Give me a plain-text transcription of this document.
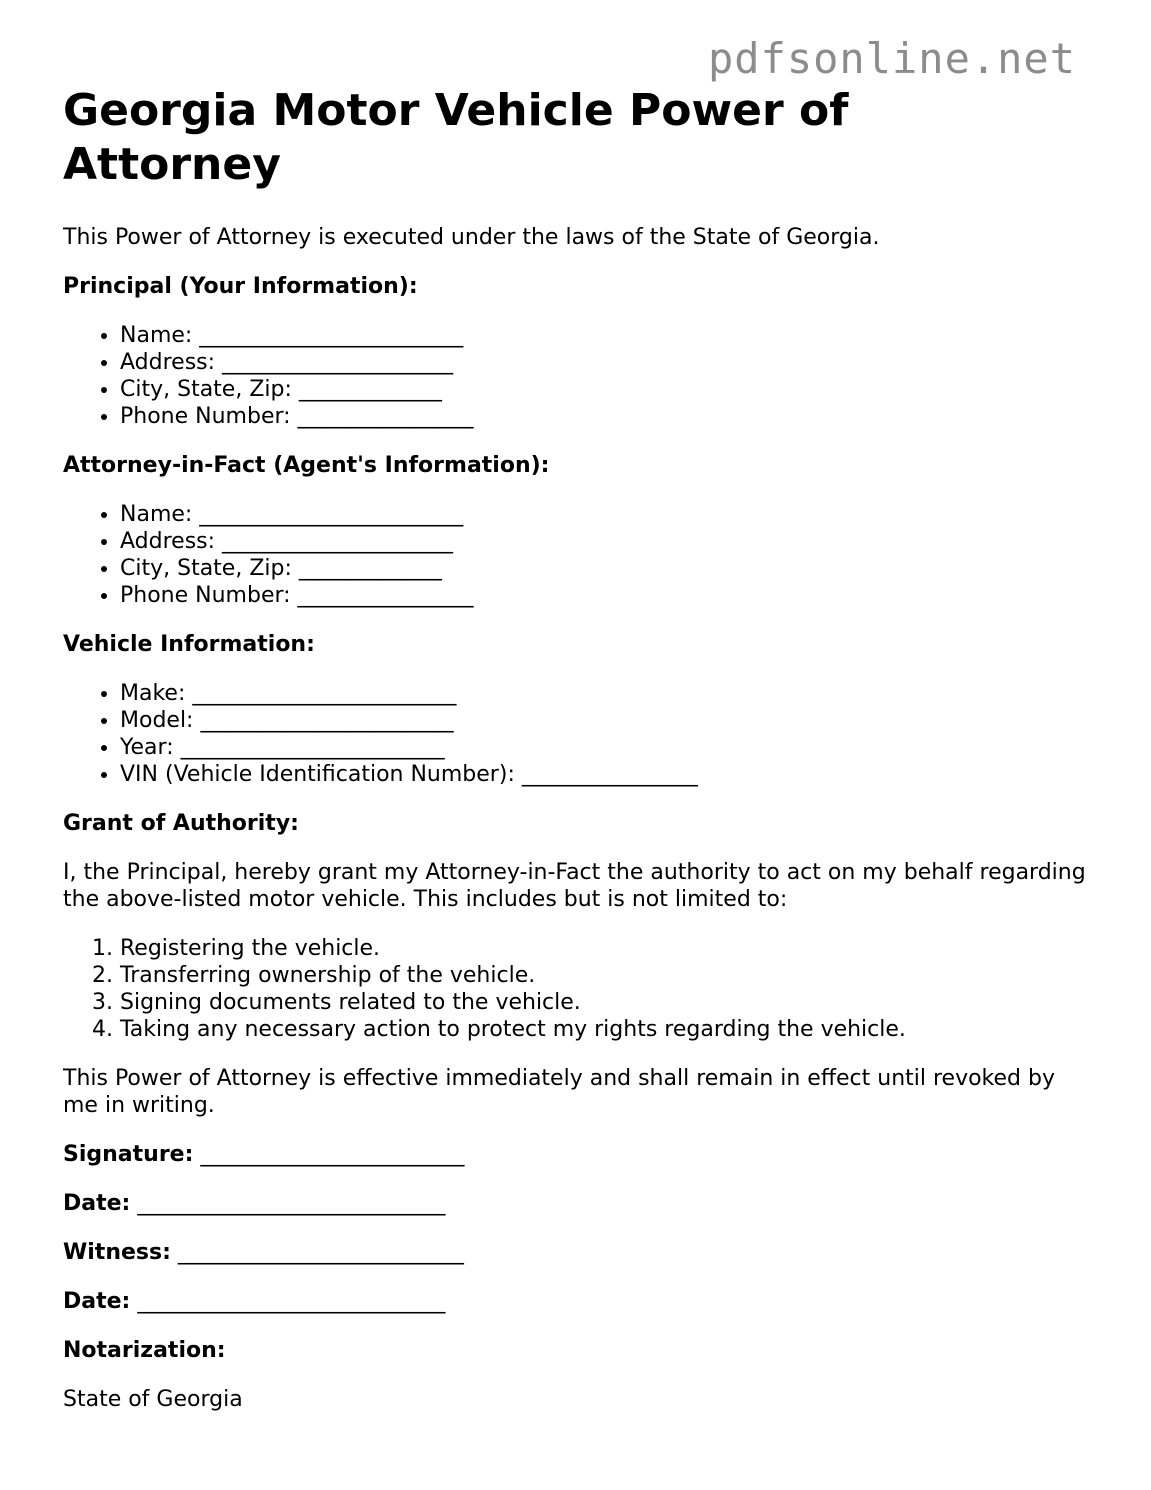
pdfsonline.net
Georgia Motor Vehicle Power of Attorney

This Power of Attorney is executed under the laws of the State of Georgia.

Principal (Your Information):

• Name: ________________________
• Address: _____________________
• City, State, Zip: _____________
• Phone Number: ________________

Attorney-in-Fact (Agent's Information):

• Name: ________________________
• Address: _____________________
• City, State, Zip: _____________
• Phone Number: ________________

Vehicle Information:

• Make: ________________________
• Model: _______________________
• Year: ________________________
• VIN (Vehicle Identification Number): ________________

Grant of Authority:

I, the Principal, hereby grant my Attorney-in-Fact the authority to act on my behalf regarding the above-listed motor vehicle. This includes but is not limited to:

1. Registering the vehicle.
2. Transferring ownership of the vehicle.
3. Signing documents related to the vehicle.
4. Taking any necessary action to protect my rights regarding the vehicle.

This Power of Attorney is effective immediately and shall remain in effect until revoked by me in writing.

Signature: ________________________

Date: ____________________________

Witness: __________________________

Date: ____________________________

Notarization:

State of Georgia
